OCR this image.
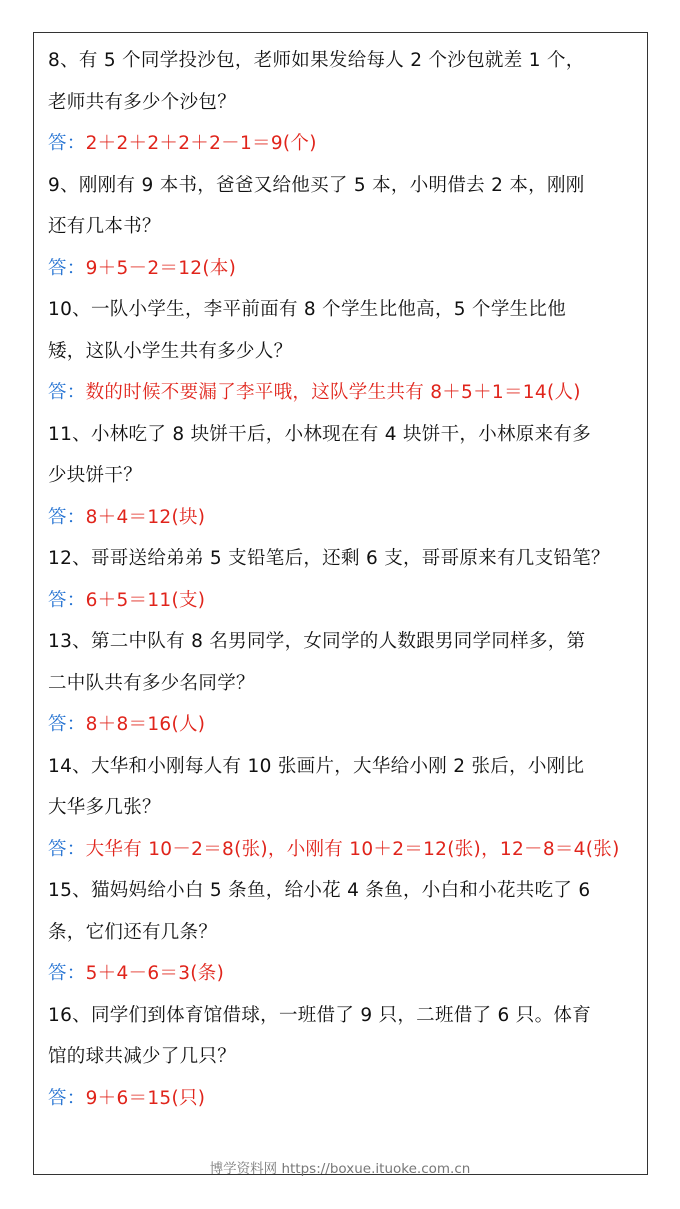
8、有 5 个同学投沙包，老师如果发给每人 2 个沙包就差 1 个，
老师共有多少个沙包？
答：2＋2＋2＋2＋2－1＝9(个)
9、刚刚有 9 本书，爸爸又给他买了 5 本，小明借去 2 本，刚刚
还有几本书？
答：9＋5－2＝12(本)
10、一队小学生，李平前面有 8 个学生比他高，5 个学生比他
矮，这队小学生共有多少人？
答：数的时候不要漏了李平哦，这队学生共有 8＋5＋1＝14(人)
11、小林吃了 8 块饼干后，小林现在有 4 块饼干，小林原来有多
少块饼干？
答：8＋4＝12(块)
12、哥哥送给弟弟 5 支铅笔后，还剩 6 支，哥哥原来有几支铅笔？
答：6＋5＝11(支)
13、第二中队有 8 名男同学，女同学的人数跟男同学同样多，第
二中队共有多少名同学？
答：8＋8＝16(人)
14、大华和小刚每人有 10 张画片，大华给小刚 2 张后，小刚比
大华多几张？
答：大华有 10－2＝8(张)，小刚有 10＋2＝12(张)，12－8＝4(张)
15、猫妈妈给小白 5 条鱼，给小花 4 条鱼，小白和小花共吃了 6
条，它们还有几条？
答：5＋4－6＝3(条)
16、同学们到体育馆借球，一班借了 9 只，二班借了 6 只。体育
馆的球共减少了几只？
答：9＋6＝15(只)
博学资料网 https://boxue.ituoke.com.cn
